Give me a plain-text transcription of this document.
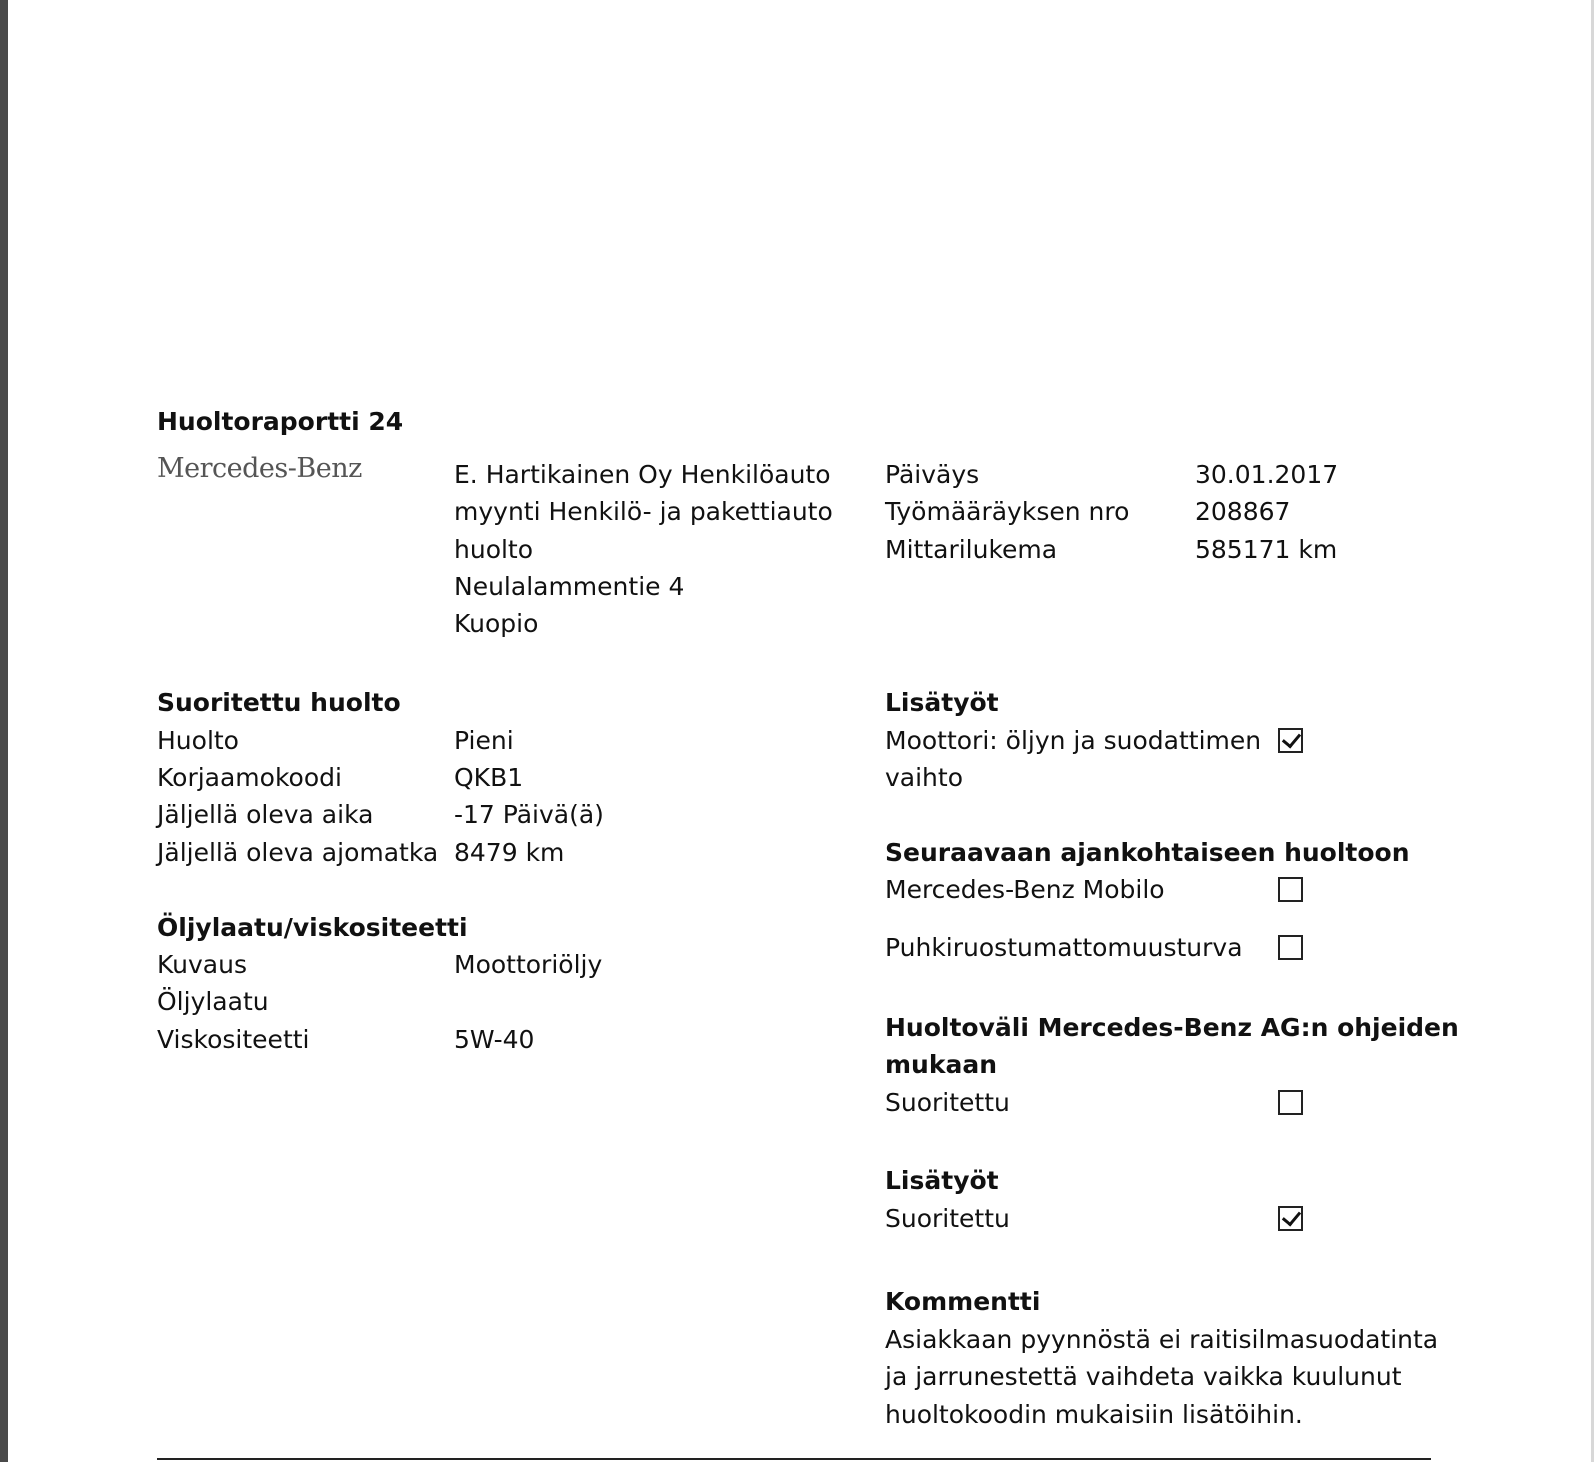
Huoltoraportti 24
Mercedes-Benz	E. Hartikainen Oy Henkilöauto
myynti Henkilö- ja pakettiauto
huolto
Neulalammentie 4
Kuopio
Päiväys	30.01.2017
Työmääräyksen nro	208867
Mittarilukema	585171 km
Suoritettu huolto
Huolto	Pieni
Korjaamokoodi	QKB1
Jäljellä oleva aika	-17 Päivä(ä)
Jäljellä oleva ajomatka 8479 km
Öljylaatu/viskositeetti
Kuvaus	Moottoriöljy
Öljylaatu
Viskositeetti	5W-40
Lisätyöt
Moottori: öljyn ja suodattimen
vaihto
Seuraavaan ajankohtaiseen huoltoon
Mercedes-Benz Mobilo
Puhkiruostumattomuusturva
Huoltoväli Mercedes-Benz AG:n ohjeiden
mukaan
Suoritettu
Lisätyöt
Suoritettu
Kommentti
Asiakkaan pyynnöstä ei raitisilmasuodatinta
ja jarrunestettä vaihdeta vaikka kuulunut
huoltokoodin mukaisiin lisätöihin.
